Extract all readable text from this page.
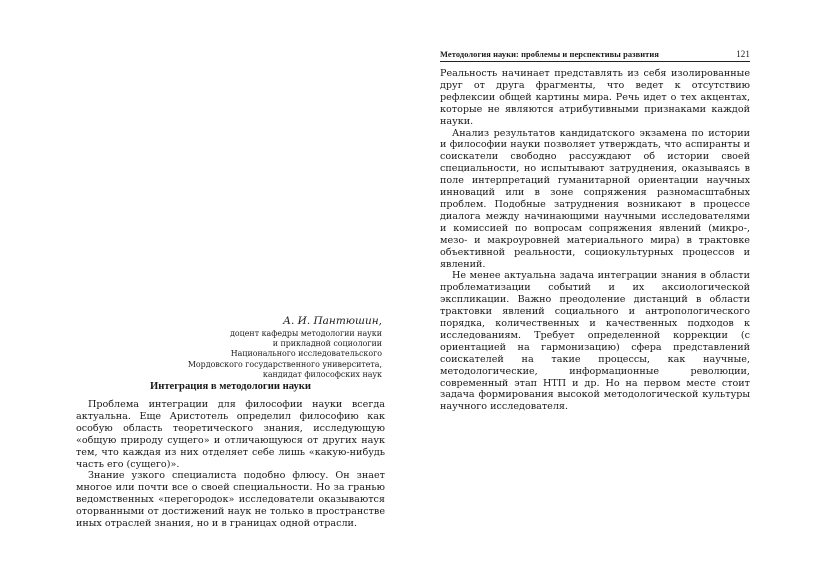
А. И. Пантюшин,
доцент кафедры методологии науки
и прикладной социологии
Национального исследовательского
Мордовского государственного университета,
кандидат философских наук
Интеграция в методологии науки

Проблема интеграции для философии науки всегда актуальна. Еще Аристотель определил философию как особую область теоретического знания, исследующую «общую природу сущего» и отличающуюся от других наук тем, что каждая из них отделяет себе лишь «какую-нибудь часть его (сущего)».

Знание узкого специалиста подобно флюсу. Он знает многое или почти все о своей специальности. Но за гранью ведомственных «перегородок» исследователи оказываются оторванными от достижений наук не только в пространстве иных отраслей знания, но и в границах одной отрасли.

Методология науки: проблемы и перспективы развития	121

Реальность начинает представлять из себя изолированные друг от друга фрагменты, что ведет к отсутствию рефлексии общей картины мира. Речь идет о тех акцентах, которые не являются атрибутивными признаками каждой науки.

Анализ результатов кандидатского экзамена по истории и философии науки позволяет утверждать, что аспиранты и соискатели свободно рассуждают об истории своей специальности, но испытывают затруднения, оказываясь в поле интерпретаций гуманитарной ориентации научных инноваций или в зоне сопряжения разномасштабных проблем. Подобные затруднения возникают в процессе диалога между начинающими научными исследователями и комиссией по вопросам сопряжения явлений (микро-, мезо- и макроуровней материального мира) в трактовке объективной реальности, социокультурных процессов и явлений.

Не менее актуальна задача интеграции знания в области проблематизации событий и их аксиологической экспликации. Важно преодоление дистанций в области трактовки явлений социального и антропологического порядка, количественных и качественных подходов к исследованиям. Требует определенной коррекции (с ориентацией на гармонизацию) сфера представлений соискателей на такие процессы, как научные, методологические, информационные революции, современный этап НТП и др. Но на первом месте стоит задача формирования высокой методологической культуры научного исследователя.
